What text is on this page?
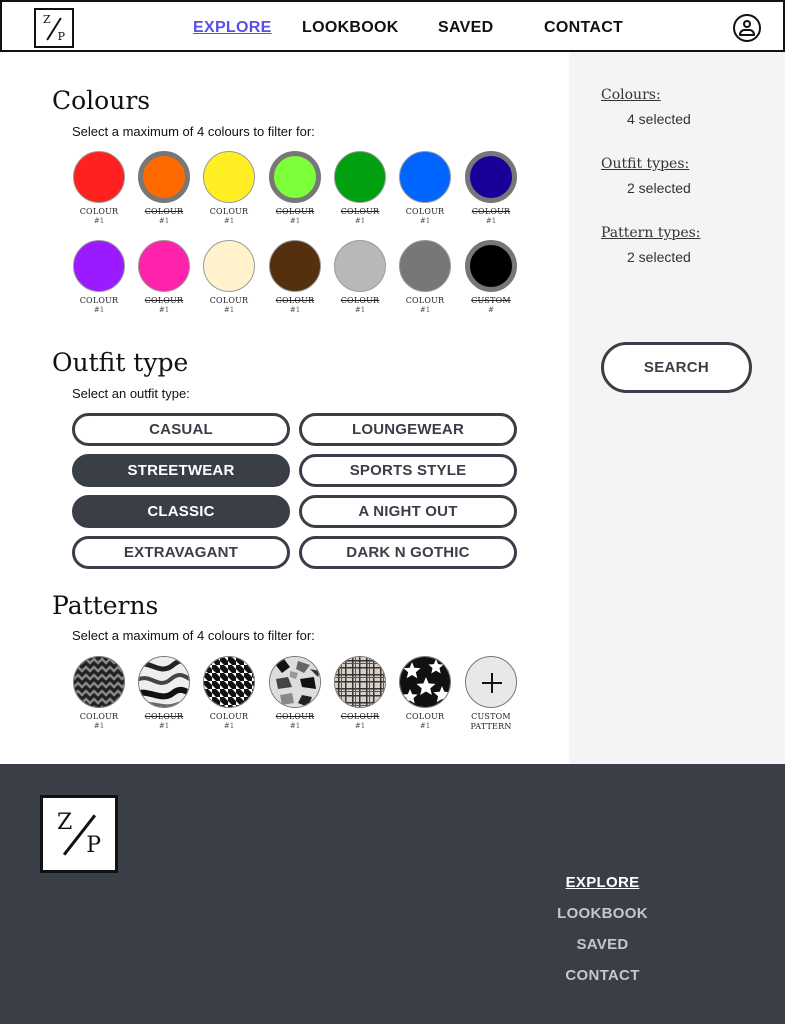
Z
P
EXPLORE LOOKBOOK SAVED	CONTACT
Colours:
4 selected
Outfit types:
2 selected
Pattern types:
2 selected
SEARCH
Colours
Select a maximum of 4 colours to filter for:
COLOUR
#1
COLOUR
#1
COLOUR
#1
COLOUR
#1
COLOUR
#1
COLOUR
#1
COLOUR
#1
COLOUR
#1
COLOUR
#1
COLOUR
#1
COLOUR
#1
COLOUR
#1
COLOUR
#1
CUSTOM
#
Outfit type
Select an outfit type:
CASUAL	LOUNGEWEAR
STREETWEAR	SPORTS STYLE
CLASSIC	A NIGHT OUT
EXTRAVAGANT	DARK N GOTHIC
Patterns
Select a maximum of 4 colours to filter for:
COLOUR
#1
COLOUR
#1
COLOUR
#1
COLOUR
#1
COLOUR
#1
COLOUR
#1
CUSTOM
PATTERN
Z
P
EXPLORE
LOOKBOOK
SAVED
CONTACT
